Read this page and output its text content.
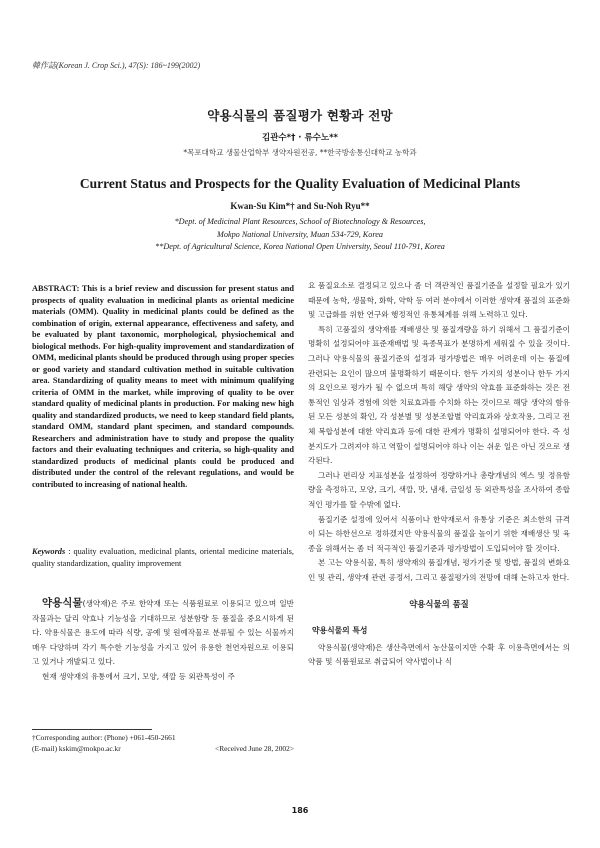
韓作誌(Korean J. Crop Sci.), 47(S): 186~199(2002)
약용식물의 품질평가 현황과 전망
김관수*† · 류수노**
*목포대학교 생물산업학부 생약자원전공, **한국방송통신대학교 농학과
Current Status and Prospects for the Quality Evaluation of Medicinal Plants
Kwan-Su Kim*† and Su-Noh Ryu**
*Dept. of Medicinal Plant Resources, School of Biotechnology & Resources,
Mokpo National University, Muan 534-729, Korea
**Dept. of Agricultural Science, Korea National Open University, Seoul 110-791, Korea
ABSTRACT: This is a brief review and discussion for present status and prospects of quality evaluation in medicinal plants as oriental medicine materials (OMM). Quality in medicinal plants could be defined as the combination of origin, external appearance, effectiveness and safety, and be evaluated by plant taxonomic, morphological, physiochemical and biological methods. For high-quality improvement and standardization of OMM, medicinal plants should be produced through using proper species or good variety and standard cultivation method in suitable cultivation area. Standardizing of quality means to meet with minimum qualifying criteria of OMM in the market, while improving of quality to be over standard quality of medicinal plants in production. For making new high quality and standardized products, we need to keep standard field plants, standard OMM, standard plant specimen, and standard compounds. Researchers and administration have to study and propose the quality factors and their evaluating techniques and criteria, so high-quality and standardized products of medicinal plants could be produced and distributed under the control of the relevant regulations, and would be contributed to increasing of national health.
Keywords : quality evaluation, medicinal plants, oriental medicine materials, quality standardization, quality improvement
약용식물(생약재)은 주로 한약재 또는 식품원료로 이용되고 있으며 일반 작물과는 달리 약효나 기능성을 기대하므로 성분함량 등 품질을 중요시하게 된다. 약용식물은 용도에 따라 식량, 공예 및 원예작물로 분류될 수 있는 식물까지 매우 다양하며 각기 특수한 기능성을 가지고 있어 유용한 천연자원으로 이용되고 있거나 개발되고 있다.
현재 생약재의 유통에서 크기, 모양, 색깔 등 외관특성이 주
†Corresponding author: (Phone) +061-450-2661
(E-mail) kskim@mokpo.ac.kr	<Received June 28, 2002>

요 품질요소로 결정되고 있으나 좀 더 객관적인 품질기준을 설정할 필요가 있기 때문에 농학, 생물학, 화학, 약학 등 여러 분야에서 이러한 생약재 품질의 표준화 및 고급화를 위한 연구와 행정적인 유통체계를 위해 노력하고 있다.

특히 고품질의 생약재를 재배생산 및 품질개량을 하기 위해서 그 품질기준이 명확히 설정되어야 표준재배법 및 육종목표가 분명하게 세워질 수 있을 것이다. 그러나 약용식물의 품질기준의 설정과 평가방법은 매우 어려운데 이는 품질에 관련되는 요인이 많으며 불명확하기 때문이다. 한두 가지의 성분이나 한두 가지의 요인으로 평가가 될 수 없으며 특히 해당 생약의 약효를 표준화하는 것은 전통적인 임상과 경험에 의한 치료효과를 수치화 하는 것이므로 해당 생약의 함유된 모든 성분의 확인, 각 성분별 및 성분조합별 약리효과와 상호작용, 그리고 전체 복합성분에 대한 약리효과 등에 대한 관계가 명확히 설명되어야 한다. 즉 성분지도가 그려져야 하고 역할이 설명되어야 하나 이는 쉬운 일은 아닌 것으로 생각된다.

그러나 편리상 지표성분을 설정하여 정량하거나 총량개념의 엑스 및 정유함량을 측정하고, 모양, 크기, 색깔, 맛, 냄새, 금일성 등 외관특성을 조사하여 종합적인 평가를 할 수밖에 없다.

품질기준 설정에 있어서 식품이나 한약재로서 유통상 기준은 최소한의 규격이 되는 하한선으로 정하겠지만 약용식물의 품질을 높이기 위한 재배생산 및 육종을 위해서는 좀 더 적극적인 품질기준과 평가방법이 도입되어야 할 것이다.

본 고는 약용식물, 특히 생약재의 품질개념, 평가기준 및 방법, 품질의 변화요인 및 관리, 생약재 관련 공정서, 그리고 품질평가의 전망에 대해 논하고자 한다.

약용식물의 품질
약용식물의 특성

약용식물(생약재)은 생산측면에서 농산물이지만 수확 후 이용측면에서는 의약품 및 식품원료로 취급되어 약사법이나 식

186
